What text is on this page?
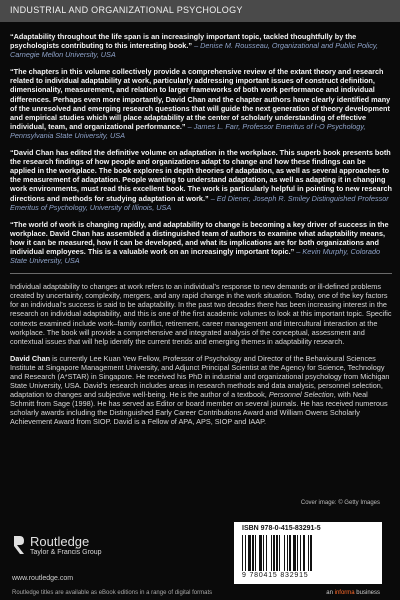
INDUSTRIAL AND ORGANIZATIONAL PSYCHOLOGY

“Adaptability throughout the life span is an increasingly important topic, tackled thoughtfully by the psychologists contributing to this interesting book.” – Denise M. Rousseau, Organizational and Public Policy, Carnegie Mellon University, USA

“The chapters in this volume collectively provide a comprehensive review of the extant theory and research related to individual adaptability at work, particularly addressing important issues of construct definition, dimensionality, measurement, and relation to larger frameworks of both work performance and individual differences. Perhaps even more importantly, David Chan and the chapter authors have clearly identified many of the unresolved and emerging research questions that will guide the next generation of theory development and empirical studies which will place adaptability at the center of scholarly understanding of effective individual, team, and organizational performance.” – James L. Farr, Professor Emeritus of I-O Psychology, Pennsylvania State University, USA

“David Chan has edited the definitive volume on adaptation in the workplace. This superb book presents both the research findings of how people and organizations adapt to change and how these findings can be applied in the workplace. The book explores in depth theories of adaptation, as well as several approaches to the measurement of adaptation. People wanting to understand adaptation, as well as adapting it in changing work environments, must read this excellent book. The work is particularly helpful in pointing to new research directions and methods for studying adaptation at work.” – Ed Diener, Joseph R. Smiley Distinguished Professor Emeritus of Psychology, University of Illinois, USA

“The world of work is changing rapidly, and adaptability to change is becoming a key driver of success in the workplace. David Chan has assembled a distinguished team of authors to examine what adaptability means, how it can be measured, how it can be developed, and what its implications are for both organizations and individual employees. This is a valuable work on an increasingly important topic.” – Kevin Murphy, Colorado State University, USA

Individual adaptability to changes at work refers to an individual’s response to new demands or ill-defined problems created by uncertainty, complexity, mergers, and any rapid change in the work situation. Today, one of the key factors for an individual’s success is said to be adaptability. In the past two decades there has been increasing interest in the research on individual adaptability, and this is one of the first academic volumes to look at this important topic. Specific contexts examined include work–family conflict, retirement, career management and intercultural interaction at the workplace. The book will provide a comprehensive and integrated analysis of the conceptual, assessment and contextual issues that will help identify the current trends and emerging themes in adaptability research.

David Chan is currently Lee Kuan Yew Fellow, Professor of Psychology and Director of the Behavioural Sciences Institute at Singapore Management University, and Adjunct Principal Scientist at the Agency for Science, Technology and Research (A*STAR) in Singapore. He received his PhD in industrial and organizational psychology from Michigan State University, USA. David’s research includes areas in research methods and data analysis, personnel selection, adaptation to changes and subjective well-being. He is the author of a textbook, Personnel Selection, with Neal Schmitt from Sage (1998). He has served as Editor or board member on several journals. He has received numerous scholarly awards including the Distinguished Early Career Contributions Award and William Owens Scholarly Achievement Award from SIOP. David is a Fellow of APA, APS, SIOP and IAAP.

Routledge
Taylor & Francis Group
www.routledge.com
Routledge titles are available as eBook editions in a range of digital formats
Cover image: © Getty Images
ISBN 978-0-415-83291-5
9 780415 832915
an informa business
